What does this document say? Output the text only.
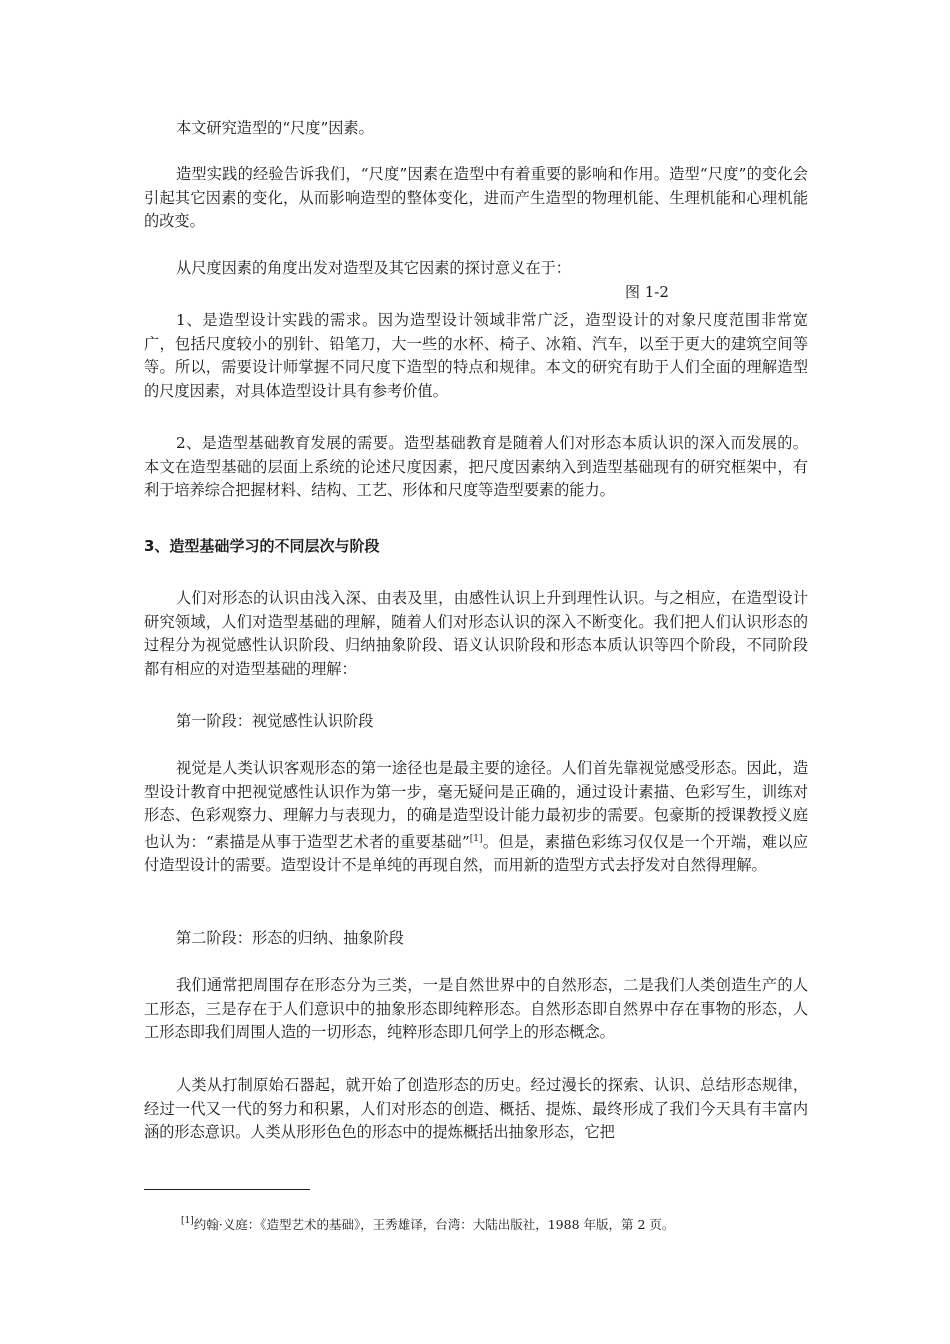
本文研究造型的“尺度”因素。

造型实践的经验告诉我们，“尺度”因素在造型中有着重要的影响和作用。造型“尺度”的变化会引起其它因素的变化，从而影响造型的整体变化，进而产生造型的物理机能、生理机能和心理机能的改变。

从尺度因素的角度出发对造型及其它因素的探讨意义在于：

图 1-2

1、是造型设计实践的需求。因为造型设计领域非常广泛，造型设计的对象尺度范围非常宽广，包括尺度较小的别针、铅笔刀，大一些的水杯、椅子、冰箱、汽车，以至于更大的建筑空间等等。所以，需要设计师掌握不同尺度下造型的特点和规律。本文的研究有助于人们全面的理解造型的尺度因素，对具体造型设计具有参考价值。

2、是造型基础教育发展的需要。造型基础教育是随着人们对形态本质认识的深入而发展的。本文在造型基础的层面上系统的论述尺度因素，把尺度因素纳入到造型基础现有的研究框架中，有利于培养综合把握材料、结构、工艺、形体和尺度等造型要素的能力。

3、造型基础学习的不同层次与阶段

人们对形态的认识由浅入深、由表及里，由感性认识上升到理性认识。与之相应，在造型设计研究领域，人们对造型基础的理解，随着人们对形态认识的深入不断变化。我们把人们认识形态的过程分为视觉感性认识阶段、归纳抽象阶段、语义认识阶段和形态本质认识等四个阶段，不同阶段都有相应的对造型基础的理解：

第一阶段：视觉感性认识阶段

视觉是人类认识客观形态的第一途径也是最主要的途径。人们首先靠视觉感受形态。因此，造型设计教育中把视觉感性认识作为第一步，毫无疑问是正确的，通过设计素描、色彩写生，训练对形态、色彩观察力、理解力与表现力，的确是造型设计能力最初步的需要。包豪斯的授课教授义庭也认为：“素描是从事于造型艺术者的重要基础”[1]。但是，素描色彩练习仅仅是一个开端，难以应付造型设计的需要。造型设计不是单纯的再现自然，而用新的造型方式去抒发对自然得理解。

第二阶段：形态的归纳、抽象阶段

我们通常把周围存在形态分为三类，一是自然世界中的自然形态，二是我们人类创造生产的人工形态，三是存在于人们意识中的抽象形态即纯粹形态。自然形态即自然界中存在事物的形态，人工形态即我们周围人造的一切形态，纯粹形态即几何学上的形态概念。

人类从打制原始石器起，就开始了创造形态的历史。经过漫长的探索、认识、总结形态规律，经过一代又一代的努力和积累，人们对形态的创造、概括、提炼、最终形成了我们今天具有丰富内涵的形态意识。人类从形形色色的形态中的提炼概括出抽象形态，它把

[1]约翰·义庭：《造型艺术的基础》，王秀雄译，台湾：大陆出版社，1988 年版，第 2 页。
